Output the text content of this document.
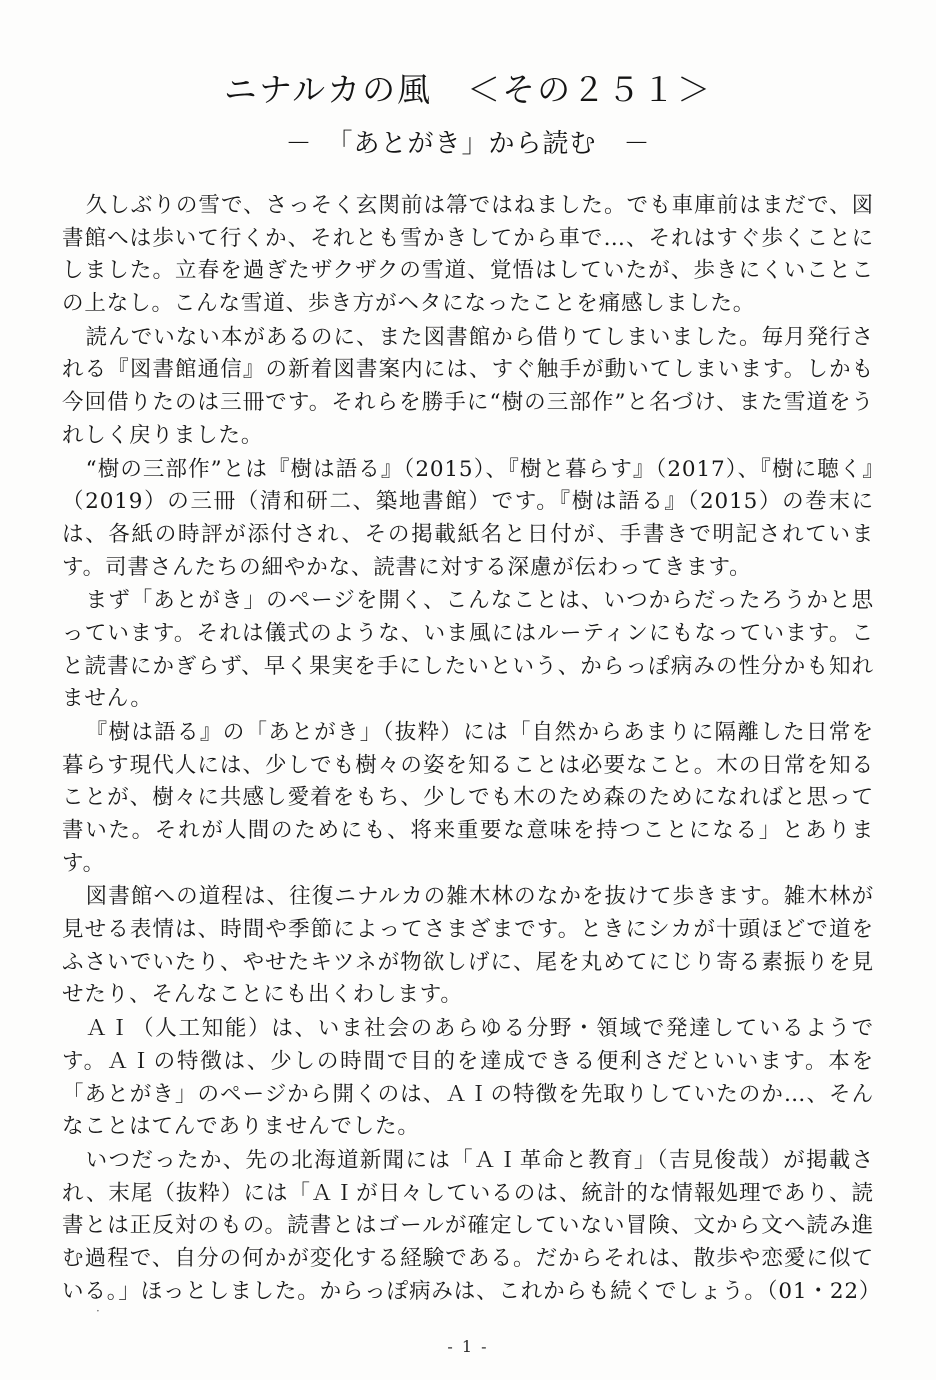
ニナルカの風　＜その２５１＞
－　「あとがき」から読む　－

久しぶりの雪で、さっそく玄関前は箒ではねました。でも車庫前はまだで、図書館へは歩いて行くか、それとも雪かきしてから車で…、それはすぐ歩くことにしました。立春を過ぎたザクザクの雪道、覚悟はしていたが、歩きにくいことこの上なし。こんな雪道、歩き方がヘタになったことを痛感しました。

読んでいない本があるのに、また図書館から借りてしまいました。毎月発行される『図書館通信』の新着図書案内には、すぐ触手が動いてしまいます。しかも今回借りたのは三冊です。それらを勝手に“樹の三部作”と名づけ、また雪道をうれしく戻りました。

“樹の三部作”とは『樹は語る』（2015）、『樹と暮らす』（2017）、『樹に聴く』（2019）の三冊（清和研二、築地書館）です。『樹は語る』（2015）の巻末には、各紙の時評が添付され、その掲載紙名と日付が、手書きで明記されています。司書さんたちの細やかな、読書に対する深慮が伝わってきます。

まず「あとがき」のページを開く、こんなことは、いつからだったろうかと思っています。それは儀式のような、いま風にはルーティンにもなっています。こと読書にかぎらず、早く果実を手にしたいという、からっぽ病みの性分かも知れません。

『樹は語る』の「あとがき」（抜粋）には「自然からあまりに隔離した日常を暮らす現代人には、少しでも樹々の姿を知ることは必要なこと。木の日常を知ることが、樹々に共感し愛着をもち、少しでも木のため森のためになればと思って書いた。それが人間のためにも、将来重要な意味を持つことになる」とあります。

図書館への道程は、往復ニナルカの雑木林のなかを抜けて歩きます。雑木林が見せる表情は、時間や季節によってさまざまです。ときにシカが十頭ほどで道をふさいでいたり、やせたキツネが物欲しげに、尾を丸めてにじり寄る素振りを見せたり、そんなことにも出くわします。

ＡＩ（人工知能）は、いま社会のあらゆる分野・領域で発達しているようです。ＡＩの特徴は、少しの時間で目的を達成できる便利さだといいます。本を「あとがき」のページから開くのは、ＡＩの特徴を先取りしていたのか…、そんなことはてんでありませんでした。

いつだったか、先の北海道新聞には「ＡＩ革命と教育」（吉見俊哉）が掲載され、末尾（抜粋）には「ＡＩが日々しているのは、統計的な情報処理であり、読書とは正反対のもの。読書とはゴールが確定していない冒険、文から文へ読み進む過程で、自分の何かが変化する経験である。だからそれは、散歩や恋愛に似ている。」ほっとしました。からっぽ病みは、これからも続くでしょう。（01・22）

·
- 1 -
